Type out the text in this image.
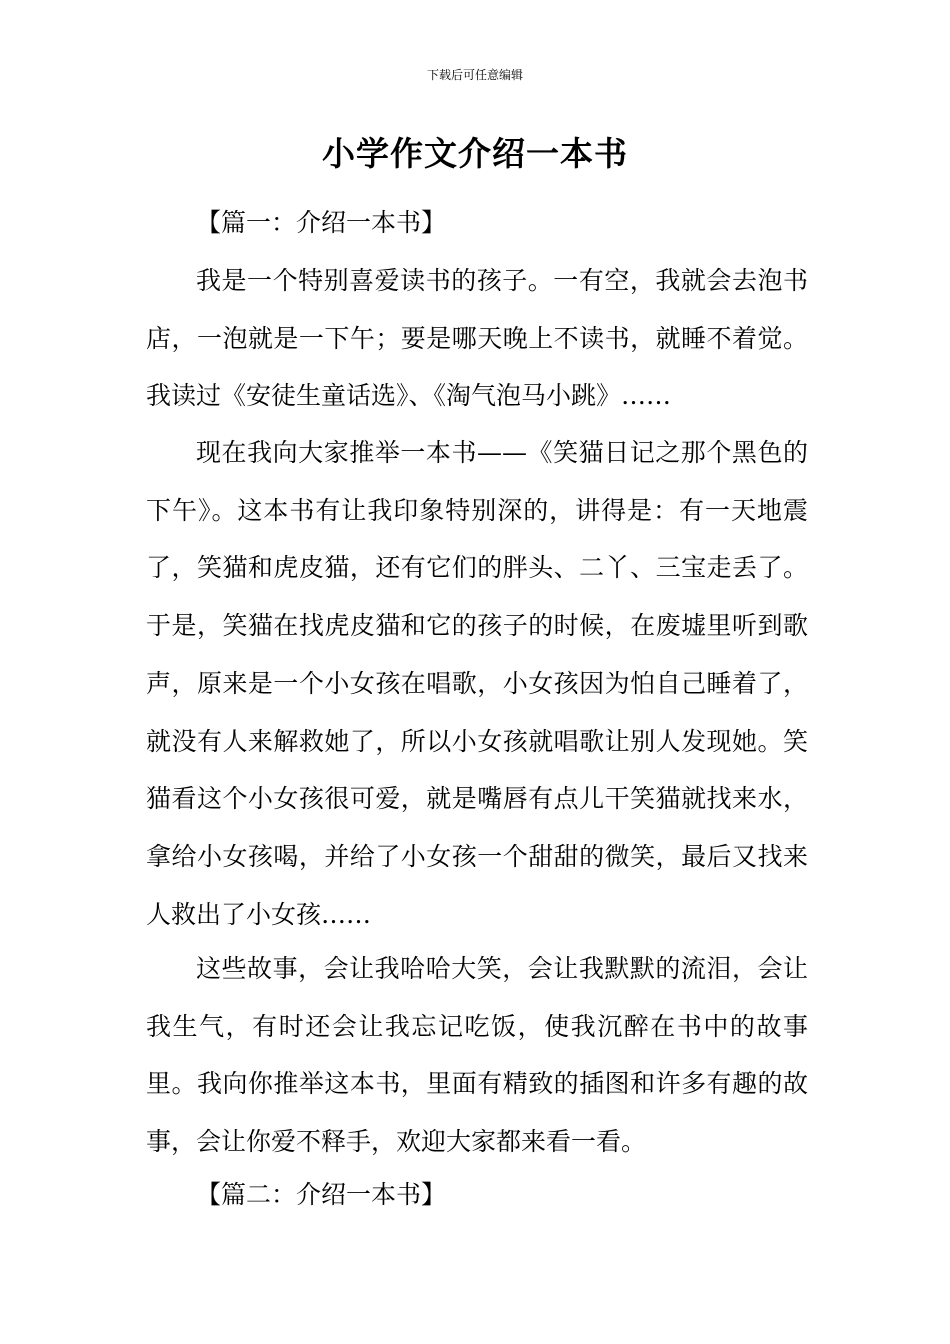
下载后可任意编辑
小学作文介绍一本书

【篇一：介绍一本书】

我是一个特别喜爱读书的孩子。一有空，我就会去泡书店，一泡就是一下午；要是哪天晚上不读书，就睡不着觉。我读过《安徒生童话选》、《淘气泡马小跳》……

现在我向大家推举一本书——《笑猫日记之那个黑色的下午》。这本书有让我印象特别深的，讲得是：有一天地震了，笑猫和虎皮猫，还有它们的胖头、二丫、三宝走丢了。于是，笑猫在找虎皮猫和它的孩子的时候，在废墟里听到歌声，原来是一个小女孩在唱歌，小女孩因为怕自己睡着了，就没有人来解救她了，所以小女孩就唱歌让别人发现她。笑猫看这个小女孩很可爱，就是嘴唇有点儿干笑猫就找来水，拿给小女孩喝，并给了小女孩一个甜甜的微笑，最后又找来人救出了小女孩……

这些故事，会让我哈哈大笑，会让我默默的流泪，会让我生气，有时还会让我忘记吃饭，使我沉醉在书中的故事里。我向你推举这本书，里面有精致的插图和许多有趣的故事，会让你爱不释手，欢迎大家都来看一看。

【篇二：介绍一本书】
